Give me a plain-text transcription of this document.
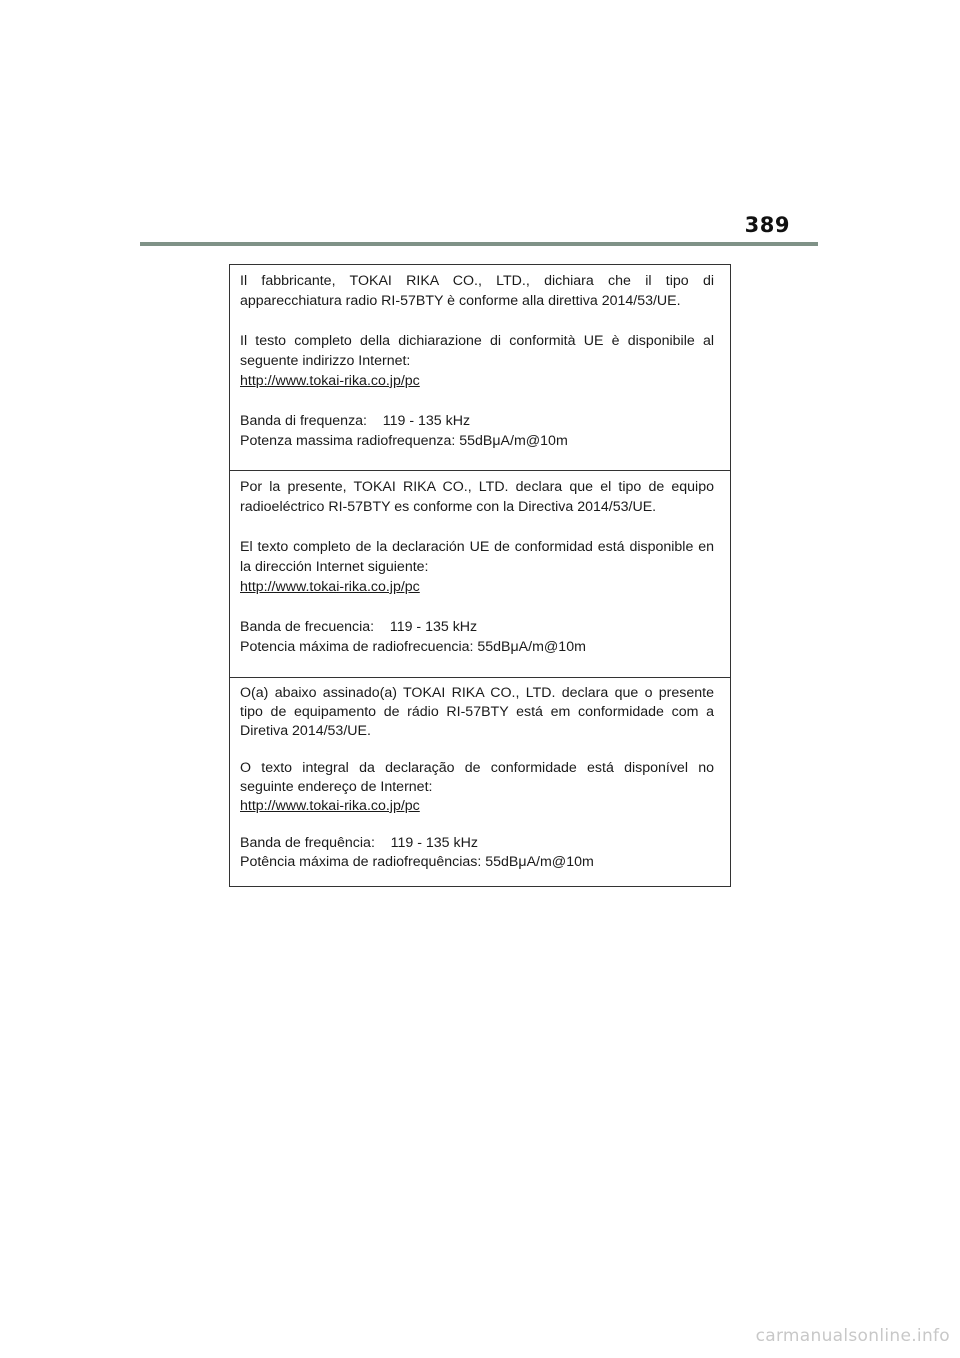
389

Il fabbricante, TOKAI RIKA CO., LTD., dichiara che il tipo di apparecchiatura radio RI-57BTY è conforme alla direttiva 2014/53/UE.

Il testo completo della dichiarazione di conformità UE è disponibile al seguente indirizzo Internet:
http://www.tokai-rika.co.jp/pc

Banda di frequenza:    119 - 135 kHz
Potenza massima radiofrequenza: 55dBμA/m@10m

Por la presente, TOKAI RIKA CO., LTD. declara que el tipo de equipo radioeléctrico RI-57BTY es conforme con la Directiva 2014/53/UE.

El texto completo de la declaración UE de conformidad está disponible en la dirección Internet siguiente:
http://www.tokai-rika.co.jp/pc

Banda de frecuencia:    119 - 135 kHz
Potencia máxima de radiofrecuencia: 55dBμA/m@10m

O(a) abaixo assinado(a) TOKAI RIKA CO., LTD. declara que o presente tipo de equipamento de rádio RI-57BTY está em conformidade com a Diretiva 2014/53/UE.

O texto integral da declaração de conformidade está disponível no seguinte endereço de Internet:
http://www.tokai-rika.co.jp/pc

Banda de frequência:    119 - 135 kHz
Potência máxima de radiofrequências: 55dBμA/m@10m

carmanualsonline.info
